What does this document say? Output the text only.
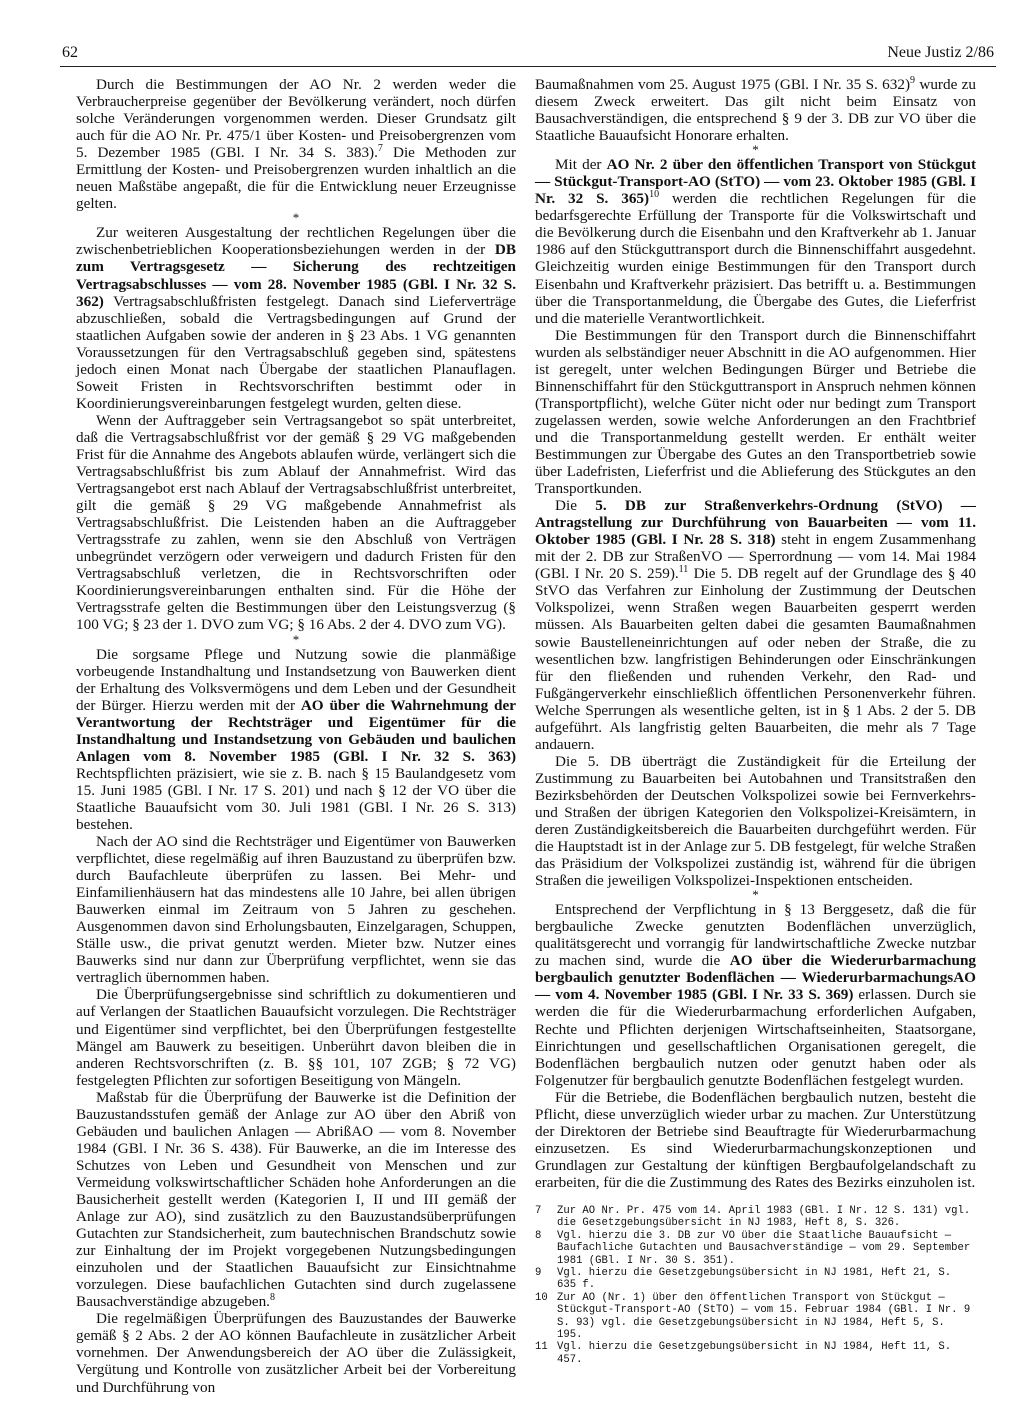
62	Neue Justiz 2/86

Durch die Bestimmungen der AO Nr. 2 werden weder die Verbraucherpreise gegenüber der Bevölkerung verändert, noch dürfen solche Veränderungen vorgenommen werden. Dieser Grundsatz gilt auch für die AO Nr. Pr. 475/1 über Kosten- und Preisobergrenzen vom 5. Dezember 1985 (GBl. I Nr. 34 S. 383).$^7$ Die Methoden zur Ermittlung der Kosten- und Preisobergrenzen wurden inhaltlich an die neuen Maßstäbe angepaßt, die für die Entwicklung neuer Erzeugnisse gelten.

*

Zur weiteren Ausgestaltung der rechtlichen Regelungen über die zwischenbetrieblichen Kooperationsbeziehungen werden in der DB zum Vertragsgesetz — Sicherung des rechtzeitigen Vertragsabschlusses — vom 28. November 1985 (GBl. I Nr. 32 S. 362) Vertragsabschlußfristen festgelegt. Danach sind Lieferverträge abzuschließen, sobald die Vertragsbedingungen auf Grund der staatlichen Aufgaben sowie der anderen in § 23 Abs. 1 VG genannten Voraussetzungen für den Vertragsabschluß gegeben sind, spätestens jedoch einen Monat nach Übergabe der staatlichen Planauflagen. Soweit Fristen in Rechtsvorschriften bestimmt oder in Koordinierungsvereinbarungen festgelegt wurden, gelten diese.

Wenn der Auftraggeber sein Vertragsangebot so spät unterbreitet, daß die Vertragsabschlußfrist vor der gemäß § 29 VG maßgebenden Frist für die Annahme des Angebots ablaufen würde, verlängert sich die Vertragsabschlußfrist bis zum Ablauf der Annahmefrist. Wird das Vertragsangebot erst nach Ablauf der Vertragsabschlußfrist unterbreitet, gilt die gemäß § 29 VG maßgebende Annahmefrist als Vertragsabschlußfrist. Die Leistenden haben an die Auftraggeber Vertragsstrafe zu zahlen, wenn sie den Abschluß von Verträgen unbegründet verzögern oder verweigern und dadurch Fristen für den Vertragsabschluß verletzen, die in Rechtsvorschriften oder Koordinierungsvereinbarungen enthalten sind. Für die Höhe der Vertragsstrafe gelten die Bestimmungen über den Leistungsverzug (§ 100 VG; § 23 der 1. DVO zum VG; § 16 Abs. 2 der 4. DVO zum VG).

*

Die sorgsame Pflege und Nutzung sowie die planmäßige vorbeugende Instandhaltung und Instandsetzung von Bauwerken dient der Erhaltung des Volksvermögens und dem Leben und der Gesundheit der Bürger. Hierzu werden mit der AO über die Wahrnehmung der Verantwortung der Rechtsträger und Eigentümer für die Instandhaltung und Instandsetzung von Gebäuden und baulichen Anlagen vom 8. November 1985 (GBl. I Nr. 32 S. 363) Rechtspflichten präzisiert, wie sie z. B. nach § 15 Baulandgesetz vom 15. Juni 1985 (GBl. I Nr. 17 S. 201) und nach § 12 der VO über die Staatliche Bauaufsicht vom 30. Juli 1981 (GBl. I Nr. 26 S. 313) bestehen.

Nach der AO sind die Rechtsträger und Eigentümer von Bauwerken verpflichtet, diese regelmäßig auf ihren Bauzustand zu überprüfen bzw. durch Baufachleute überprüfen zu lassen. Bei Mehr- und Einfamilienhäusern hat das mindestens alle 10 Jahre, bei allen übrigen Bauwerken einmal im Zeitraum von 5 Jahren zu geschehen. Ausgenommen davon sind Erholungsbauten, Einzelgaragen, Schuppen, Ställe usw., die privat genutzt werden. Mieter bzw. Nutzer eines Bauwerks sind nur dann zur Überprüfung verpflichtet, wenn sie das vertraglich übernommen haben.

Die Überprüfungsergebnisse sind schriftlich zu dokumentieren und auf Verlangen der Staatlichen Bauaufsicht vorzulegen. Die Rechtsträger und Eigentümer sind verpflichtet, bei den Überprüfungen festgestellte Mängel am Bauwerk zu beseitigen. Unberührt davon bleiben die in anderen Rechtsvorschriften (z. B. §§ 101, 107 ZGB; § 72 VG) festgelegten Pflichten zur sofortigen Beseitigung von Mängeln.

Maßstab für die Überprüfung der Bauwerke ist die Definition der Bauzustandsstufen gemäß der Anlage zur AO über den Abriß von Gebäuden und baulichen Anlagen — AbrißAO — vom 8. November 1984 (GBl. I Nr. 36 S. 438). Für Bauwerke, an die im Interesse des Schutzes von Leben und Gesundheit von Menschen und zur Vermeidung volkswirtschaftlicher Schäden hohe Anforderungen an die Bausicherheit gestellt werden (Kategorien I, II und III gemäß der Anlage zur AO), sind zusätzlich zu den Bauzustandsüberprüfungen Gutachten zur Standsicherheit, zum bautechnischen Brandschutz sowie zur Einhaltung der im Projekt vorgegebenen Nutzungsbedingungen einzuholen und der Staatlichen Bauaufsicht zur Einsichtnahme vorzulegen. Diese baufachlichen Gutachten sind durch zugelassene Bausachverständige abzugeben.$^8$

Die regelmäßigen Überprüfungen des Bauzustandes der Bauwerke gemäß § 2 Abs. 2 der AO können Baufachleute in zusätzlicher Arbeit vornehmen. Der Anwendungsbereich der AO über die Zulässigkeit, Vergütung und Kontrolle von zusätzlicher Arbeit bei der Vorbereitung und Durchführung von

Baumaßnahmen vom 25. August 1975 (GBl. I Nr. 35 S. 632)$^9$ wurde zu diesem Zweck erweitert. Das gilt nicht beim Einsatz von Bausachverständigen, die entsprechend § 9 der 3. DB zur VO über die Staatliche Bauaufsicht Honorare erhalten.

*

Mit der AO Nr. 2 über den öffentlichen Transport von Stückgut — Stückgut-Transport-AO (StTO) — vom 23. Oktober 1985 (GBl. I Nr. 32 S. 365)$^{10}$ werden die rechtlichen Regelungen für die bedarfsgerechte Erfüllung der Transporte für die Volkswirtschaft und die Bevölkerung durch die Eisenbahn und den Kraftverkehr ab 1. Januar 1986 auf den Stückguttransport durch die Binnenschiffahrt ausgedehnt. Gleichzeitig wurden einige Bestimmungen für den Transport durch Eisenbahn und Kraftverkehr präzisiert. Das betrifft u. a. Bestimmungen über die Transportanmeldung, die Übergabe des Gutes, die Lieferfrist und die materielle Verantwortlichkeit.

Die Bestimmungen für den Transport durch die Binnenschiffahrt wurden als selbständiger neuer Abschnitt in die AO aufgenommen. Hier ist geregelt, unter welchen Bedingungen Bürger und Betriebe die Binnenschiffahrt für den Stückguttransport in Anspruch nehmen können (Transportpflicht), welche Güter nicht oder nur bedingt zum Transport zugelassen werden, sowie welche Anforderungen an den Frachtbrief und die Transportanmeldung gestellt werden. Er enthält weiter Bestimmungen zur Übergabe des Gutes an den Transportbetrieb sowie über Ladefristen, Lieferfrist und die Ablieferung des Stückgutes an den Transportkunden.

Die 5. DB zur Straßenverkehrs-Ordnung (StVO) — Antragstellung zur Durchführung von Bauarbeiten — vom 11. Oktober 1985 (GBl. I Nr. 28 S. 318) steht in engem Zusammenhang mit der 2. DB zur StraßenVO — Sperrordnung — vom 14. Mai 1984 (GBl. I Nr. 20 S. 259).$^{11}$ Die 5. DB regelt auf der Grundlage des § 40 StVO das Verfahren zur Einholung der Zustimmung der Deutschen Volkspolizei, wenn Straßen wegen Bauarbeiten gesperrt werden müssen. Als Bauarbeiten gelten dabei die gesamten Baumaßnahmen sowie Baustelleneinrichtungen auf oder neben der Straße, die zu wesentlichen bzw. langfristigen Behinderungen oder Einschränkungen für den fließenden und ruhenden Verkehr, den Rad- und Fußgängerverkehr einschließlich öffentlichen Personenverkehr führen. Welche Sperrungen als wesentliche gelten, ist in § 1 Abs. 2 der 5. DB aufgeführt. Als langfristig gelten Bauarbeiten, die mehr als 7 Tage andauern.

Die 5. DB überträgt die Zuständigkeit für die Erteilung der Zustimmung zu Bauarbeiten bei Autobahnen und Transitstraßen den Bezirksbehörden der Deutschen Volkspolizei sowie bei Fernverkehrs- und Straßen der übrigen Kategorien den Volkspolizei-Kreisämtern, in deren Zuständigkeitsbereich die Bauarbeiten durchgeführt werden. Für die Hauptstadt ist in der Anlage zur 5. DB festgelegt, für welche Straßen das Präsidium der Volkspolizei zuständig ist, während für die übrigen Straßen die jeweiligen Volkspolizei-Inspektionen entscheiden.

*

Entsprechend der Verpflichtung in § 13 Berggesetz, daß die für bergbauliche Zwecke genutzten Bodenflächen unverzüglich, qualitätsgerecht und vorrangig für landwirtschaftliche Zwecke nutzbar zu machen sind, wurde die AO über die Wiederurbarmachung bergbaulich genutzter Bodenflächen — WiederurbarmachungsAO — vom 4. November 1985 (GBl. I Nr. 33 S. 369) erlassen. Durch sie werden die für die Wiederurbarmachung erforderlichen Aufgaben, Rechte und Pflichten derjenigen Wirtschaftseinheiten, Staatsorgane, Einrichtungen und gesellschaftlichen Organisationen geregelt, die Bodenflächen bergbaulich nutzen oder genutzt haben oder als Folgenutzer für bergbaulich genutzte Bodenflächen festgelegt wurden.

Für die Betriebe, die Bodenflächen bergbaulich nutzen, besteht die Pflicht, diese unverzüglich wieder urbar zu machen. Zur Unterstützung der Direktoren der Betriebe sind Beauftragte für Wiederurbarmachung einzusetzen. Es sind Wiederurbarmachungskonzeptionen und Grundlagen zur Gestaltung der künftigen Bergbaufolgelandschaft zu erarbeiten, für die die Zustimmung des Rates des Bezirks einzuholen ist.

7	Zur AO Nr. Pr. 475 vom 14. April 1983 (GBl. I Nr. 12 S. 131) vgl. die Gesetzgebungsübersicht in NJ 1983, Heft 8, S. 326.
8	Vgl. hierzu die 3. DB zur VO über die Staatliche Bauaufsicht — Baufachliche Gutachten und Bausachverständige — vom 29. September 1981 (GBl. I Nr. 30 S. 351).
9	Vgl. hierzu die Gesetzgebungsübersicht in NJ 1981, Heft 21, S. 635 f.
10 Zur AO (Nr. 1) über den öffentlichen Transport von Stückgut — Stückgut-Transport-AO (StTO) — vom 15. Februar 1984 (GBl. I Nr. 9 S. 93) vgl. die Gesetzgebungsübersicht in NJ 1984, Heft 5, S. 195.
11 Vgl. hierzu die Gesetzgebungsübersicht in NJ 1984, Heft 11, S. 457.
